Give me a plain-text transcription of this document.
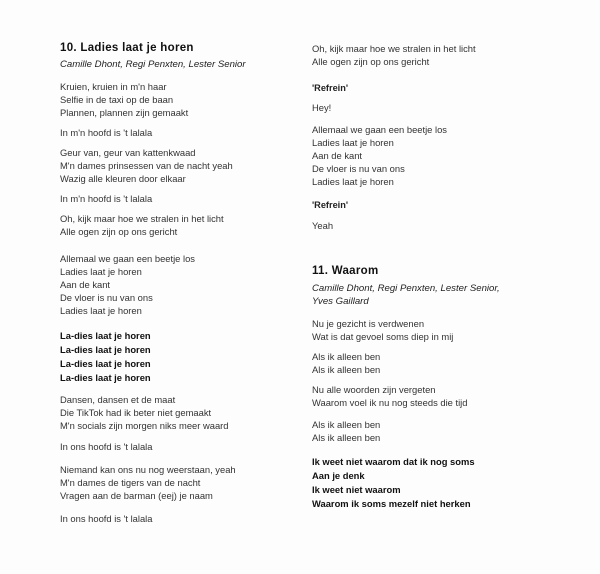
10. Ladies laat je horen
Camille Dhont, Regi Penxten, Lester Senior
Kruien, kruien in m'n haar
Selfie in de taxi op de baan
Plannen, plannen zijn gemaakt
In m'n hoofd is 't lalala
Geur van, geur van kattenkwaad
M'n dames prinsessen van de nacht yeah
Wazig alle kleuren door elkaar
In m'n hoofd is 't lalala
Oh, kijk maar hoe we stralen in het licht
Alle ogen zijn op ons gericht
Allemaal we gaan een beetje los
Ladies laat je horen
Aan de kant
De vloer is nu van ons
Ladies laat je horen
La-dies laat je horen
La-dies laat je horen
La-dies laat je horen
La-dies laat je horen
Dansen, dansen et de maat
Die TikTok had ik beter niet gemaakt
M'n socials zijn morgen niks meer waard
In ons hoofd is 't lalala
Niemand kan ons nu nog weerstaan, yeah
M'n dames de tigers van de nacht
Vragen aan de barman (eej) je naam
In ons hoofd is 't lalala
Oh, kijk maar hoe we stralen in het licht
Alle ogen zijn op ons gericht
'Refrein'
Hey!
Allemaal we gaan een beetje los
Ladies laat je horen
Aan de kant
De vloer is nu van ons
Ladies laat je horen
'Refrein'
Yeah
11. Waarom
Camille Dhont, Regi Penxten, Lester Senior,
Yves Gaillard
Nu je gezicht is verdwenen
Wat is dat gevoel soms diep in mij
Als ik alleen ben
Als ik alleen ben
Nu alle woorden zijn vergeten
Waarom voel ik nu nog steeds die tijd
Als ik alleen ben
Als ik alleen ben
Ik weet niet waarom dat ik nog soms
Aan je denk
Ik weet niet waarom
Waarom ik soms mezelf niet herken
